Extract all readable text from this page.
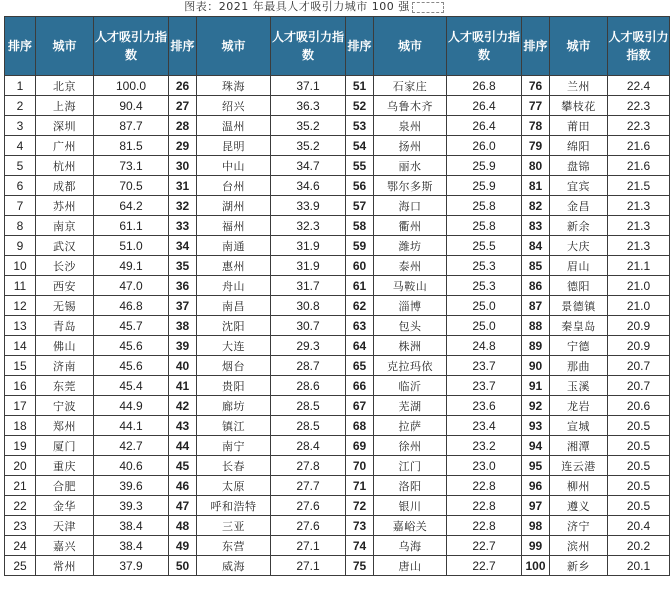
图表：2021 年最具人才吸引力城市 100 强
排序	城市	人才吸引力指数	排序	城市	人才吸引力指数	排序	城市	人才吸引力指数	排序	城市	人才吸引力指数
1	北京	100.0	26	珠海	37.1	51	石家庄	26.8	76	兰州	22.4
2	上海	90.4	27	绍兴	36.3	52	乌鲁木齐	26.4	77	攀枝花	22.3
3	深圳	87.7	28	温州	35.2	53	泉州	26.4	78	莆田	22.3
4	广州	81.5	29	昆明	35.2	54	扬州	26.0	79	绵阳	21.6
5	杭州	73.1	30	中山	34.7	55	丽水	25.9	80	盘锦	21.6
6	成都	70.5	31	台州	34.6	56	鄂尔多斯	25.9	81	宜宾	21.5
7	苏州	64.2	32	湖州	33.9	57	海口	25.8	82	金昌	21.3
8	南京	61.1	33	福州	32.3	58	衢州	25.8	83	新余	21.3
9	武汉	51.0	34	南通	31.9	59	潍坊	25.5	84	大庆	21.3
10	长沙	49.1	35	惠州	31.9	60	泰州	25.3	85	眉山	21.1
11	西安	47.0	36	舟山	31.7	61	马鞍山	25.3	86	德阳	21.0
12	无锡	46.8	37	南昌	30.8	62	淄博	25.0	87	景德镇	21.0
13	青岛	45.7	38	沈阳	30.7	63	包头	25.0	88	秦皇岛	20.9
14	佛山	45.6	39	大连	29.3	64	株洲	24.8	89	宁德	20.9
15	济南	45.6	40	烟台	28.7	65	克拉玛依	23.7	90	那曲	20.7
16	东莞	45.4	41	贵阳	28.6	66	临沂	23.7	91	玉溪	20.7
17	宁波	44.9	42	廊坊	28.5	67	芜湖	23.6	92	龙岩	20.6
18	郑州	44.1	43	镇江	28.5	68	拉萨	23.4	93	宣城	20.5
19	厦门	42.7	44	南宁	28.4	69	徐州	23.2	94	湘潭	20.5
20	重庆	40.6	45	长春	27.8	70	江门	23.0	95	连云港	20.5
21	合肥	39.6	46	太原	27.7	71	洛阳	22.8	96	柳州	20.5
22	金华	39.3	47	呼和浩特	27.6	72	银川	22.8	97	遵义	20.5
23	天津	38.4	48	三亚	27.6	73	嘉峪关	22.8	98	济宁	20.4
24	嘉兴	38.4	49	东营	27.1	74	乌海	22.7	99	滨州	20.2
25	常州	37.9	50	威海	27.1	75	唐山	22.7	100	新乡	20.1
